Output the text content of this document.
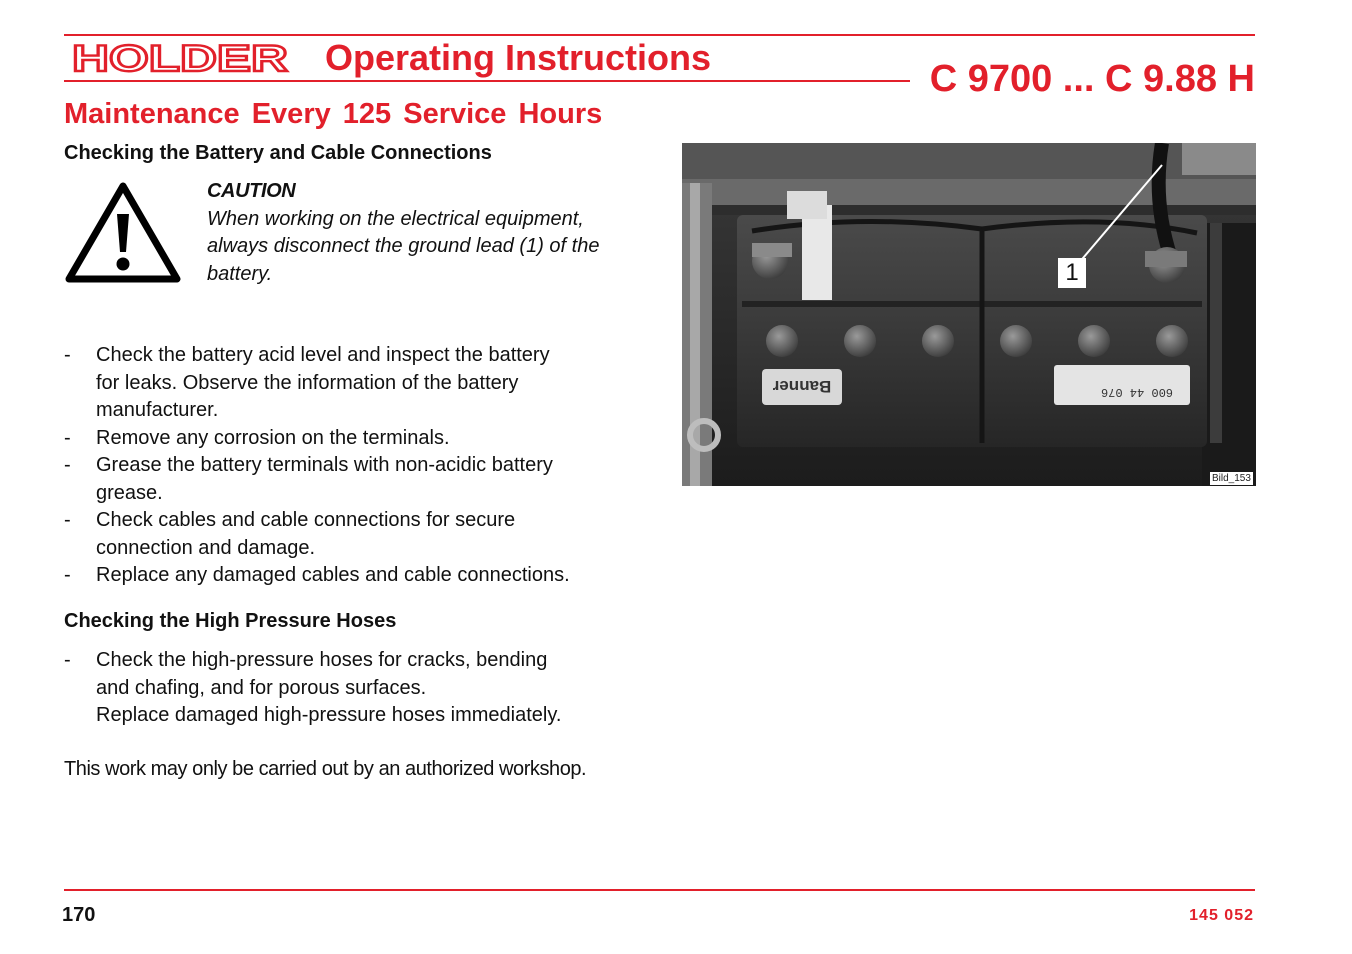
HOLDER Operating Instructions
C 9700 ... C 9.88 H
Maintenance Every 125 Service Hours
Checking the Battery and Cable Connections
CAUTION
When working on the electrical equipment,
always disconnect the ground lead (1) of the
battery.
- Check the battery acid level and inspect the battery
for leaks. Observe the information of the battery
manufacturer.
- Remove any corrosion on the terminals.
- Grease the battery terminals with non-acidic battery
grease.
- Check cables and cable connections for secure
connection and damage.
- Replace any damaged cables and cable connections.
Checking the High Pressure Hoses
- Check the high-pressure hoses for cracks, bending
and chafing, and for porous surfaces.
Replace damaged high-pressure hoses immediately.
This work may only be carried out by an authorized workshop.
Banner	600 44 076
1
Bild_153
170	145 052
